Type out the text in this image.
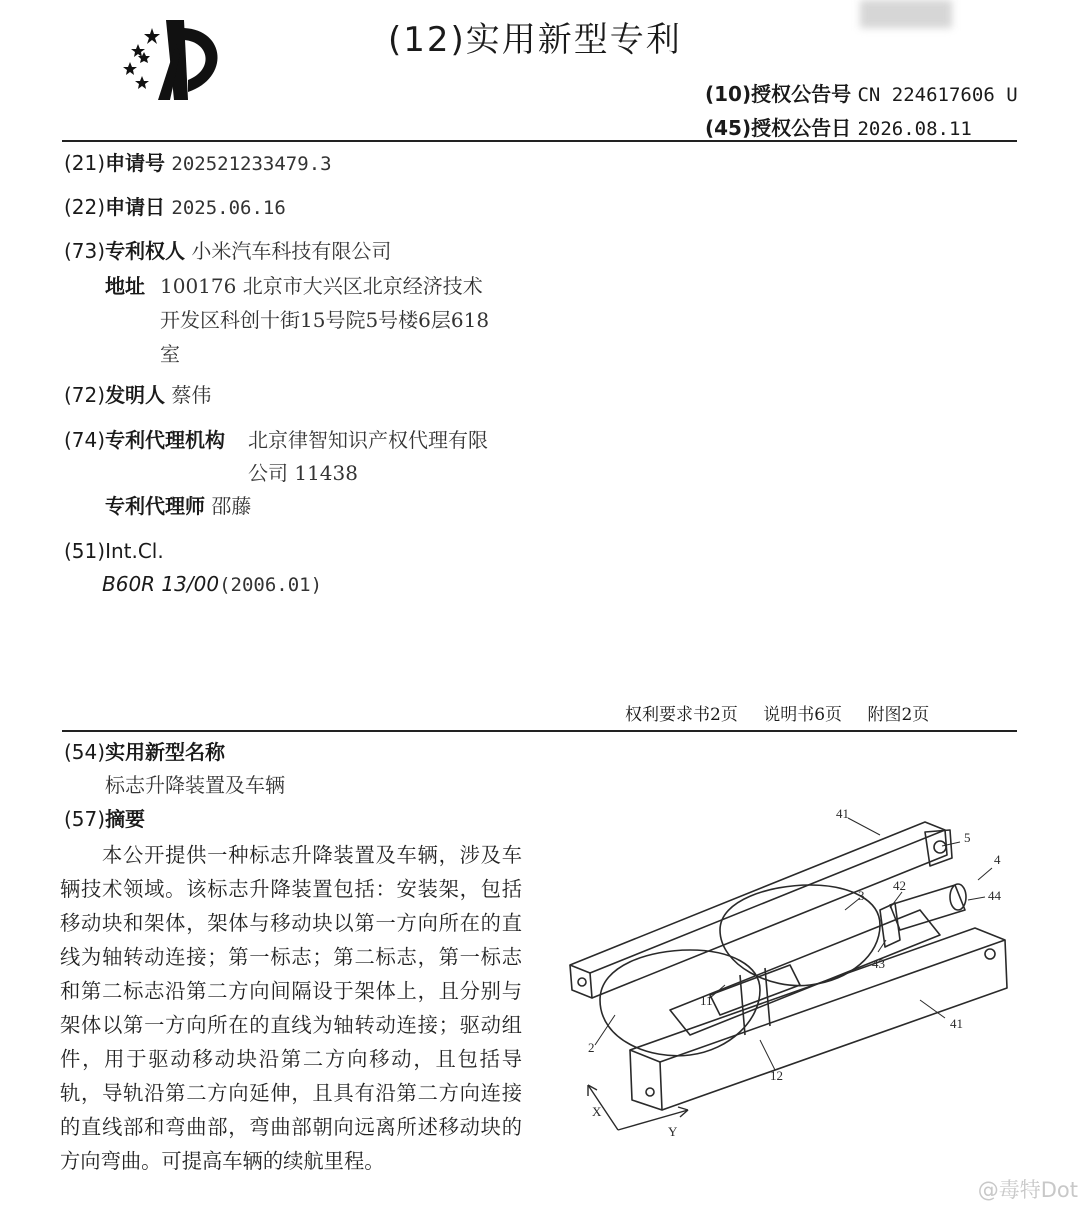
(12)实用新型专利
(10)授权公告号 CN 224617606 U
(45)授权公告日 2026.08.11
(21)申请号 202521233479.3
(22)申请日 2025.06.16
(73)专利权人 小米汽车科技有限公司
地址 100176 北京市大兴区北京经济技术
开发区科创十街15号院5号楼6层618
室
(72)发明人 蔡伟
(74)专利代理机构 北京律智知识产权代理有限
公司 11438
专利代理师 邵藤
(51)Int.Cl.
B60R 13/00(2006.01)
权利要求书2页 说明书6页 附图2页
(54)实用新型名称
标志升降装置及车辆
(57)摘要
本公开提供一种标志升降装置及车辆，涉及车辆技术领域。该标志升降装置包括：安装架，包括移动块和架体，架体与移动块以第一方向所在的直线为轴转动连接；第一标志；第二标志，第一标志和第二标志沿第二方向间隔设于架体上，且分别与架体以第一方向所在的直线为轴转动连接；驱动组件，用于驱动移动块沿第二方向移动，且包括导轨，导轨沿第二方向延伸，且具有沿第二方向连接的直线部和弯曲部，弯曲部朝向远离所述移动块的方向弯曲。可提高车辆的续航里程。
41
5
4
3
42
44
43
11
41
2
12
X
Y
@毒特Dot
